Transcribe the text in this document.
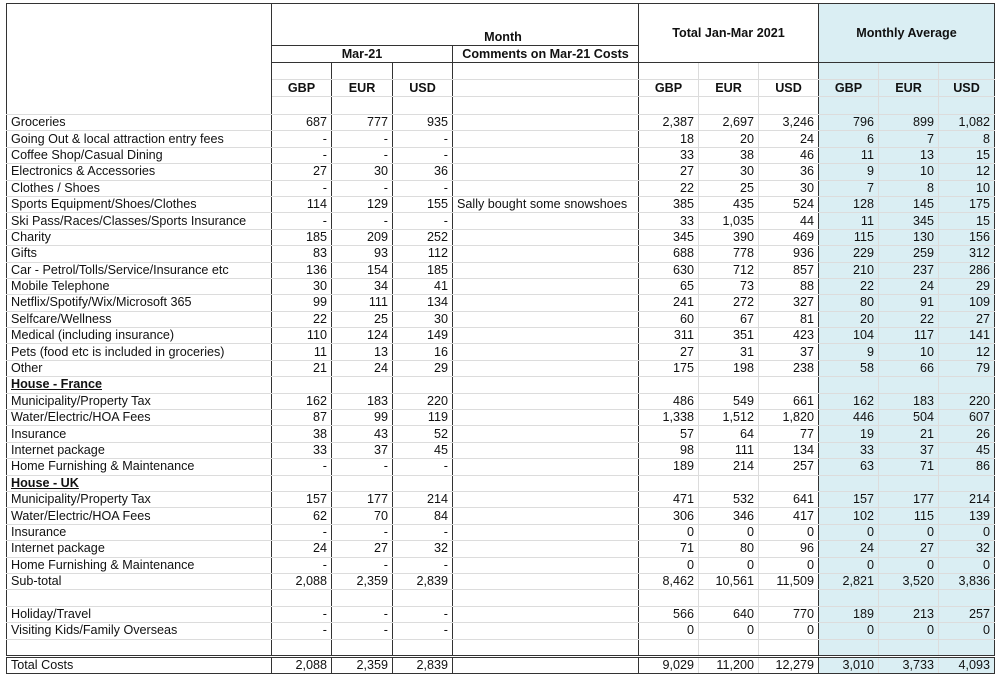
	Month				Total Jan-Mar 2021			Monthly Average		

	Mar-21			Comments on Mar-21 Costs						

	GBP	EUR	USD		GBP	EUR	USD	GBP	EUR	USD

Groceries	687	777	935		2,387	2,697	3,246	796	899	1,082
Going Out & local attraction entry fees	-	-	-		18	20	24	6	7	8
Coffee Shop/Casual Dining	-	-	-		33	38	46	11	13	15
Electronics & Accessories	27	30	36		27	30	36	9	10	12
Clothes / Shoes	-	-	-		22	25	30	7	8	10
Sports Equipment/Shoes/Clothes	114	129	155	Sally bought some snowshoes	385	435	524	128	145	175
Ski Pass/Races/Classes/Sports Insurance	-	-	-		33	1,035	44	11	345	15
Charity	185	209	252		345	390	469	115	130	156
Gifts	83	93	112		688	778	936	229	259	312
Car - Petrol/Tolls/Service/Insurance etc	136	154	185		630	712	857	210	237	286
Mobile Telephone	30	34	41		65	73	88	22	24	29
Netflix/Spotify/Wix/Microsoft 365	99	111	134		241	272	327	80	91	109
Selfcare/Wellness	22	25	30		60	67	81	20	22	27
Medical (including insurance)	110	124	149		311	351	423	104	117	141
Pets (food etc is included in groceries)	11	13	16		27	31	37	9	10	12
Other	21	24	29		175	198	238	58	66	79
House - France										
Municipality/Property Tax	162	183	220		486	549	661	162	183	220
Water/Electric/HOA Fees	87	99	119		1,338	1,512	1,820	446	504	607
Insurance	38	43	52		57	64	77	19	21	26
Internet package	33	37	45		98	111	134	33	37	45
Home Furnishing & Maintenance	-	-	-		189	214	257	63	71	86
House - UK										
Municipality/Property Tax	157	177	214		471	532	641	157	177	214
Water/Electric/HOA Fees	62	70	84		306	346	417	102	115	139
Insurance	-	-	-		0	0	0	0	0	0
Internet package	24	27	32		71	80	96	24	27	32
Home Furnishing & Maintenance	-	-	-		0	0	0	0	0	0
Sub-total	2,088	2,359	2,839		8,462	10,561	11,509	2,821	3,520	3,836

Holiday/Travel	-	-	-		566	640	770	189	213	257
Visiting Kids/Family Overseas	-	-	-		0	0	0	0	0	0

Total Costs	2,088	2,359	2,839		9,029	11,200	12,279	3,010	3,733	4,093
